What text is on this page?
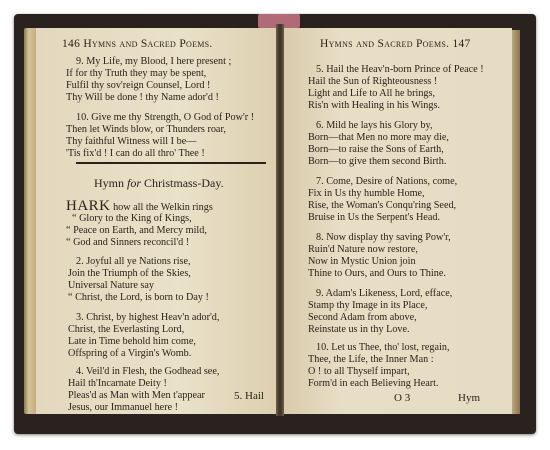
146 Hymns and Sacred Poems.
9. My Life, my Blood, I here present ;
If for thy Truth they may be spent,
Fulfil thy sov'reign Counsel, Lord !
Thy Will be done ! thy Name ador'd !
10. Give me thy Strength, O God of Pow'r !
Then let Winds blow, or Thunders roar,
Thy faithful Witness will I be—
'Tis fix'd ! I can do all thro' Thee !
Hymn for Christmass-Day.
HARK how all the Welkin rings
“ Glory to the King of Kings,
“ Peace on Earth, and Mercy mild,
“ God and Sinners reconcil'd !
2. Joyful all ye Nations rise,
Join the Triumph of the Skies,
Universal Nature say
“ Christ, the Lord, is born to Day !
3. Christ, by highest Heav'n ador'd,
Christ, the Everlasting Lord,
Late in Time behold him come,
Offspring of a Virgin's Womb.
4. Veil'd in Flesh, the Godhead see,
Hail th'Incarnate Deity !
Pleas'd as Man with Men t'appear
Jesus, our Immanuel here !
5. Hail
Hymns and Sacred Poems. 147
5. Hail the Heav'n-born Prince of Peace !
Hail the Sun of Righteousness !
Light and Life to All he brings,
Ris'n with Healing in his Wings.
6. Mild he lays his Glory by,
Born—that Men no more may die,
Born—to raise the Sons of Earth,
Born—to give them second Birth.
7. Come, Desire of Nations, come,
Fix in Us thy humble Home,
Rise, the Woman's Conqu'ring Seed,
Bruise in Us the Serpent's Head.
8. Now display thy saving Pow'r,
Ruin'd Nature now restore,
Now in Mystic Union join
Thine to Ours, and Ours to Thine.
9. Adam's Likeness, Lord, efface,
Stamp thy Image in its Place,
Second Adam from above,
Reinstate us in thy Love.
10. Let us Thee, tho' lost, regain,
Thee, the Life, the Inner Man :
O ! to all Thyself impart,
Form'd in each Believing Heart.
O 3	Hym
